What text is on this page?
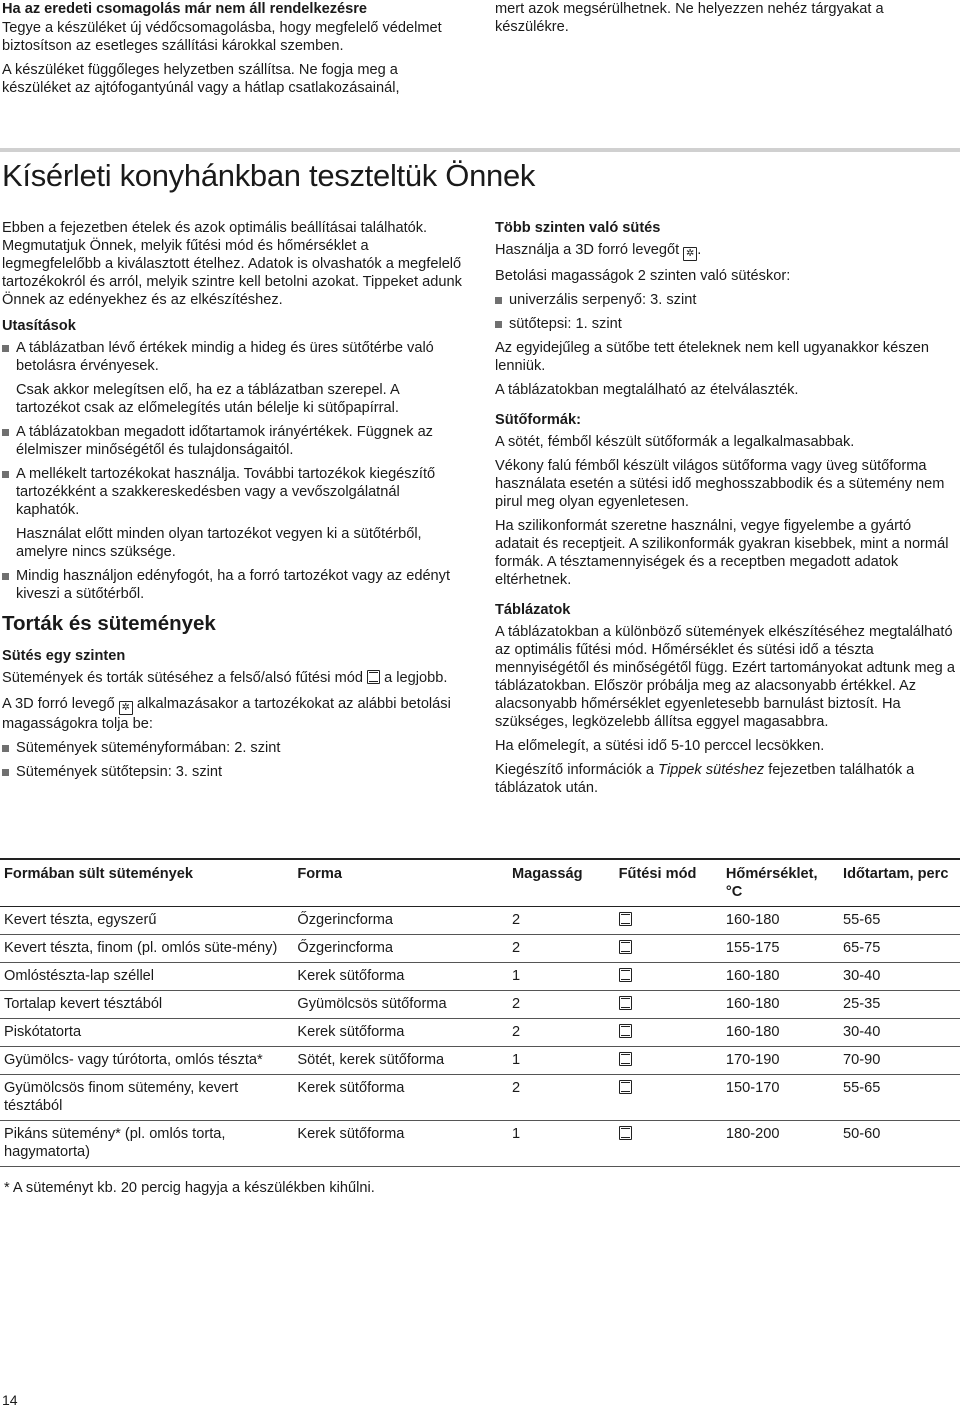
Ha az eredeti csomagolás már nem áll rendelkezésre

Tegye a készüléket új védőcsomagolásba, hogy megfelelő védelmet biztosítson az esetleges szállítási károkkal szemben.

A készüléket függőleges helyzetben szállítsa. Ne fogja meg a készüléket az ajtófogantyúnál vagy a hátlap csatlakozásainál,

mert azok megsérülhetnek. Ne helyezzen nehéz tárgyakat a készülékre.

Kísérleti konyhánkban teszteltük Önnek

Ebben a fejezetben ételek és azok optimális beállításai találhatók. Megmutatjuk Önnek, melyik fűtési mód és hőmérséklet a legmegfelelőbb a kiválasztott ételhez. Adatok is olvashatók a megfelelő tartozékokról és arról, melyik szintre kell betolni azokat. Tippeket adunk Önnek az edényekhez és az elkészítéshez.

Utasítások

A táblázatban lévő értékek mindig a hideg és üres sütőtérbe való betolásra érvényesek.

Csak akkor melegítsen elő, ha ez a táblázatban szerepel. A tartozékot csak az előmelegítés után bélelje ki sütőpapírral.

A táblázatokban megadott időtartamok irányértékek. Függnek az élelmiszer minőségétől és tulajdonságaitól.
A mellékelt tartozékokat használja. További tartozékok kiegészítő tartozékként a szakkereskedésben vagy a vevőszolgálatnál kaphatók.

Használat előtt minden olyan tartozékot vegyen ki a sütőtérből, amelyre nincs szüksége.

Mindig használjon edényfogót, ha a forró tartozékot vagy az edényt kiveszi a sütőtérből.

Torták és sütemények

Sütés egy szinten

Sütemények és torták sütéséhez a felső/alsó fűtési mód a legjobb.

A 3D forró levegő ✲ alkalmazásakor a tartozékokat az alábbi betolási magasságokra tolja be:

Sütemények süteményformában: 2. szint
Sütemények sütőtepsin: 3. szint

Több szinten való sütés

Használja a 3D forró levegőt ✲ .

Betolási magasságok 2 szinten való sütéskor:

univerzális serpenyő: 3. szint
sütőtepsi: 1. szint

Az egyidejűleg a sütőbe tett ételeknek nem kell ugyanakkor készen lenniük.

A táblázatokban megtalálható az ételválaszték.

Sütőformák:

A sötét, fémből készült sütőformák a legalkalmasabbak.

Vékony falú fémből készült világos sütőforma vagy üveg sütőforma használata esetén a sütési idő meghosszabbodik és a sütemény nem pirul meg olyan egyenletesen.

Ha szilikonformát szeretne használni, vegye figyelembe a gyártó adatait és receptjeit. A szilikonformák gyakran kisebbek, mint a normál formák. A tésztamennyiségek és a receptben megadott adatok eltérhetnek.

Táblázatok

A táblázatokban a különböző sütemények elkészítéséhez megtalálható az optimális fűtési mód. Hőmérséklet és sütési idő a tészta mennyiségétől és minőségétől függ. Ezért tartományokat adtunk meg a táblázatokban. Először próbálja meg az alacsonyabb értékkel. Az alacsonyabb hőmérséklet egyenletesebb barnulást biztosít. Ha szükséges, legközelebb állítsa eggyel magasabbra.

Ha előmelegít, a sütési idő 5-10 perccel lecsökken.

Kiegészítő információk a Tippek sütéshez fejezetben találhatók a táblázatok után.

Formában sült sütemények	Forma	Magasság	Fűtési mód	Hőmérséklet, °C	Időtartam, perc
Kevert tészta, egyszerű	Őzgerincforma	2		160-180	55-65
Kevert tészta, finom (pl. omlós süte-mény)	Őzgerincforma	2		155-175	65-75
Omlóstészta-lap széllel	Kerek sütőforma	1		160-180	30-40
Tortalap kevert tésztából	Gyümölcsös sütőforma	2		160-180	25-35
Piskótatorta	Kerek sütőforma	2		160-180	30-40
Gyümölcs- vagy túrótorta, omlós tészta*	Sötét, kerek sütőforma	1		170-190	70-90
Gyümölcsös finom sütemény, kevert tésztából	Kerek sütőforma	2		150-170	55-65
Pikáns sütemény* (pl. omlós torta, hagymatorta)	Kerek sütőforma	1		180-200	50-60
* A süteményt kb. 20 percig hagyja a készülékben kihűlni.
14
